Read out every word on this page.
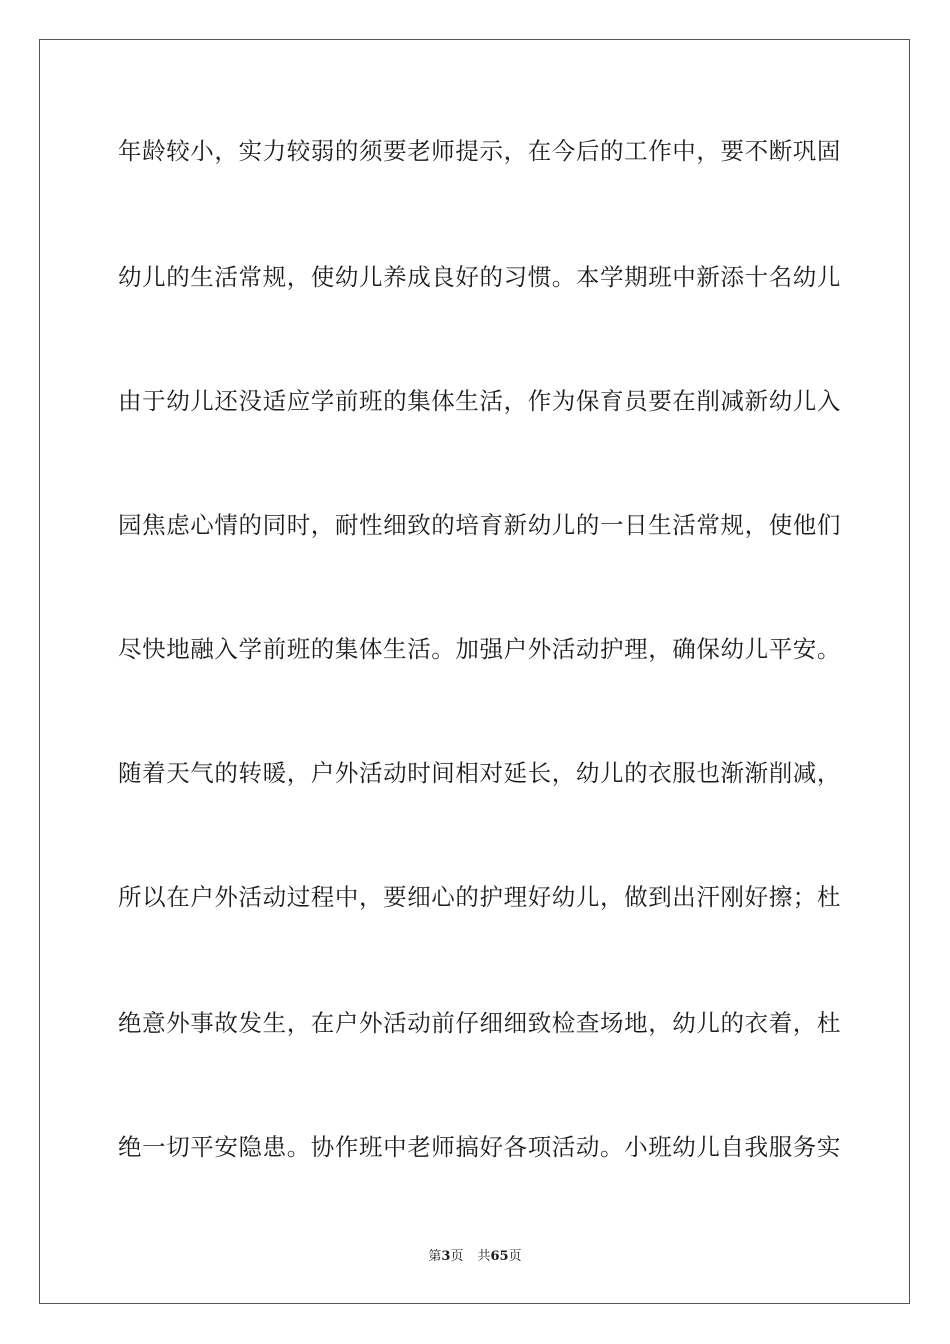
年龄较小，实力较弱的须要老师提示，在今后的工作中，要不断巩固
幼儿的生活常规，使幼儿养成良好的习惯。本学期班中新添十名幼儿
由于幼儿还没适应学前班的集体生活，作为保育员要在削减新幼儿入
园焦虑心情的同时，耐性细致的培育新幼儿的一日生活常规，使他们
尽快地融入学前班的集体生活。加强户外活动护理，确保幼儿平安。
随着天气的转暖，户外活动时间相对延长，幼儿的衣服也渐渐削减，
所以在户外活动过程中，要细心的护理好幼儿，做到出汗刚好擦；杜
绝意外事故发生，在户外活动前仔细细致检查场地，幼儿的衣着，杜
绝一切平安隐患。协作班中老师搞好各项活动。小班幼儿自我服务实
第3页 共65页
